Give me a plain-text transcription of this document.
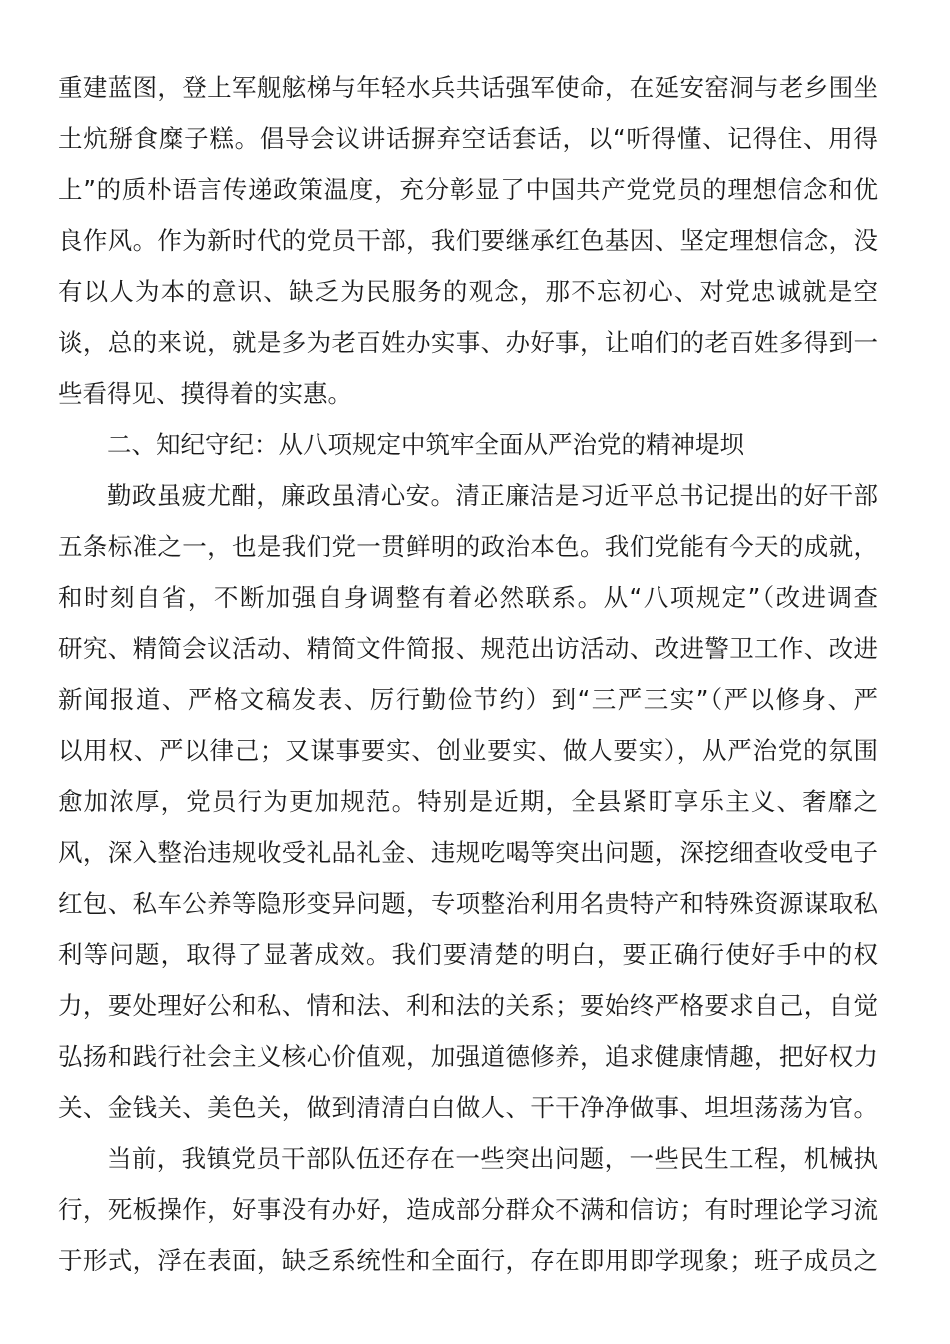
重建蓝图，登上军舰舷梯与年轻水兵共话强军使命，在延安窑洞与老乡围坐
土炕掰食糜子糕。倡导会议讲话摒弃空话套话，以“听得懂、记得住、用得
上”的质朴语言传递政策温度，充分彰显了中国共产党党员的理想信念和优
良作风。作为新时代的党员干部，我们要继承红色基因、坚定理想信念，没
有以人为本的意识、缺乏为民服务的观念，那不忘初心、对党忠诚就是空
谈，总的来说，就是多为老百姓办实事、办好事，让咱们的老百姓多得到一
些看得见、摸得着的实惠。
二、知纪守纪：从八项规定中筑牢全面从严治党的精神堤坝
勤政虽疲尤酣，廉政虽清心安。清正廉洁是习近平总书记提出的好干部
五条标准之一，也是我们党一贯鲜明的政治本色。我们党能有今天的成就，
和时刻自省，不断加强自身调整有着必然联系。从“八项规定”（改进调查
研究、精简会议活动、精简文件简报、规范出访活动、改进警卫工作、改进
新闻报道、严格文稿发表、厉行勤俭节约）到“三严三实”（严以修身、严
以用权、严以律己；又谋事要实、创业要实、做人要实），从严治党的氛围
愈加浓厚，党员行为更加规范。特别是近期，全县紧盯享乐主义、奢靡之
风，深入整治违规收受礼品礼金、违规吃喝等突出问题，深挖细查收受电子
红包、私车公养等隐形变异问题，专项整治利用名贵特产和特殊资源谋取私
利等问题，取得了显著成效。我们要清楚的明白，要正确行使好手中的权
力，要处理好公和私、情和法、利和法的关系；要始终严格要求自己，自觉
弘扬和践行社会主义核心价值观，加强道德修养，追求健康情趣，把好权力
关、金钱关、美色关，做到清清白白做人、干干净净做事、坦坦荡荡为官。
当前，我镇党员干部队伍还存在一些突出问题，一些民生工程，机械执
行，死板操作，好事没有办好，造成部分群众不满和信访；有时理论学习流
于形式，浮在表面，缺乏系统性和全面行，存在即用即学现象；班子成员之
